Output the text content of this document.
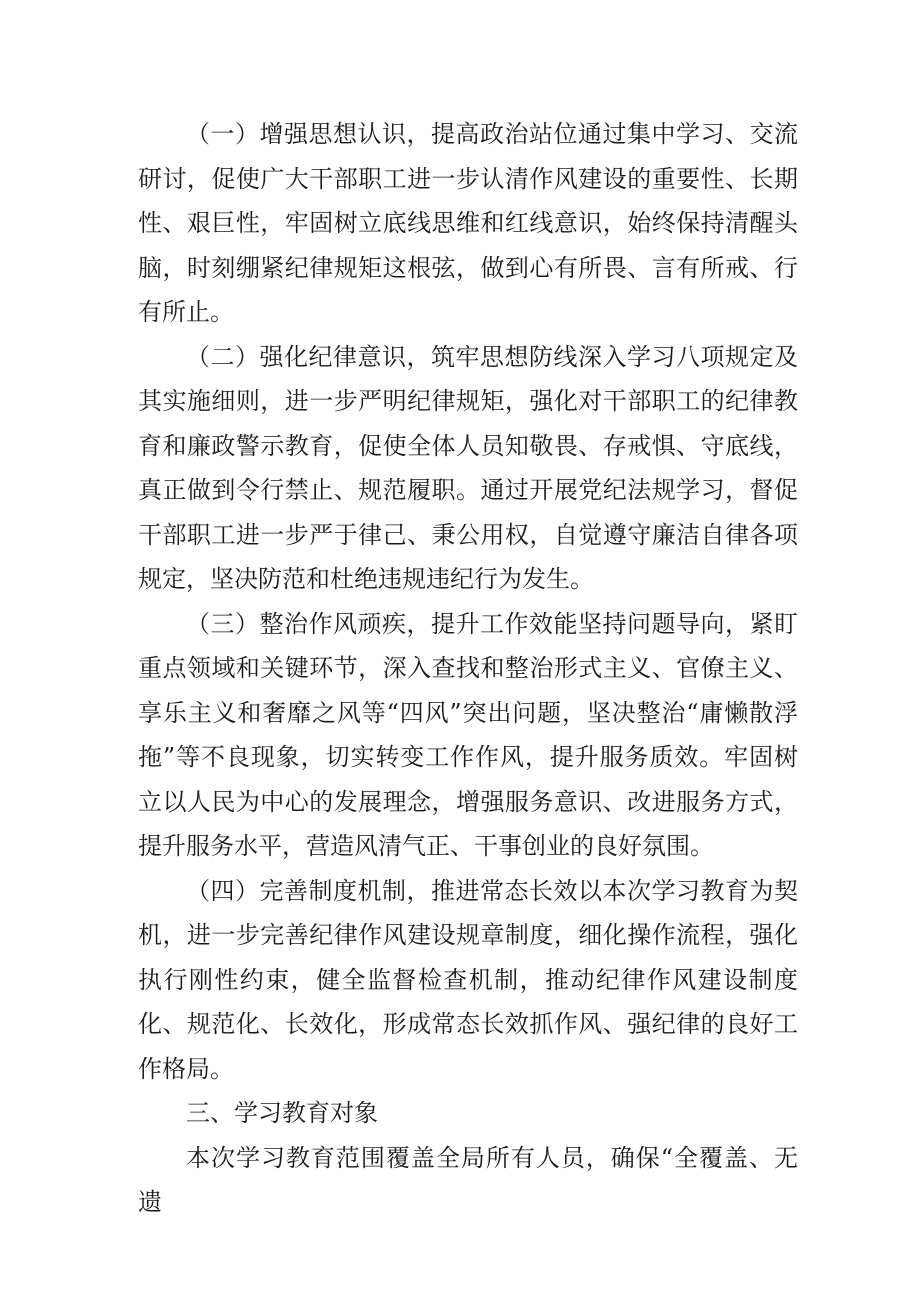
（一）增强思想认识，提高政治站位通过集中学习、交流研讨，促使广大干部职工进一步认清作风建设的重要性、长期性、艰巨性，牢固树立底线思维和红线意识，始终保持清醒头脑，时刻绷紧纪律规矩这根弦，做到心有所畏、言有所戒、行有所止。

（二）强化纪律意识，筑牢思想防线深入学习八项规定及其实施细则，进一步严明纪律规矩，强化对干部职工的纪律教育和廉政警示教育，促使全体人员知敬畏、存戒惧、守底线，真正做到令行禁止、规范履职。通过开展党纪法规学习，督促干部职工进一步严于律己、秉公用权，自觉遵守廉洁自律各项规定，坚决防范和杜绝违规违纪行为发生。

（三）整治作风顽疾，提升工作效能坚持问题导向，紧盯重点领域和关键环节，深入查找和整治形式主义、官僚主义、享乐主义和奢靡之风等“四风”突出问题，坚决整治“庸懒散浮拖”等不良现象，切实转变工作作风，提升服务质效。牢固树立以人民为中心的发展理念，增强服务意识、改进服务方式，提升服务水平，营造风清气正、干事创业的良好氛围。

（四）完善制度机制，推进常态长效以本次学习教育为契机，进一步完善纪律作风建设规章制度，细化操作流程，强化执行刚性约束，健全监督检查机制，推动纪律作风建设制度化、规范化、长效化，形成常态长效抓作风、强纪律的良好工作格局。

三、学习教育对象

本次学习教育范围覆盖全局所有人员，确保“全覆盖、无遗
